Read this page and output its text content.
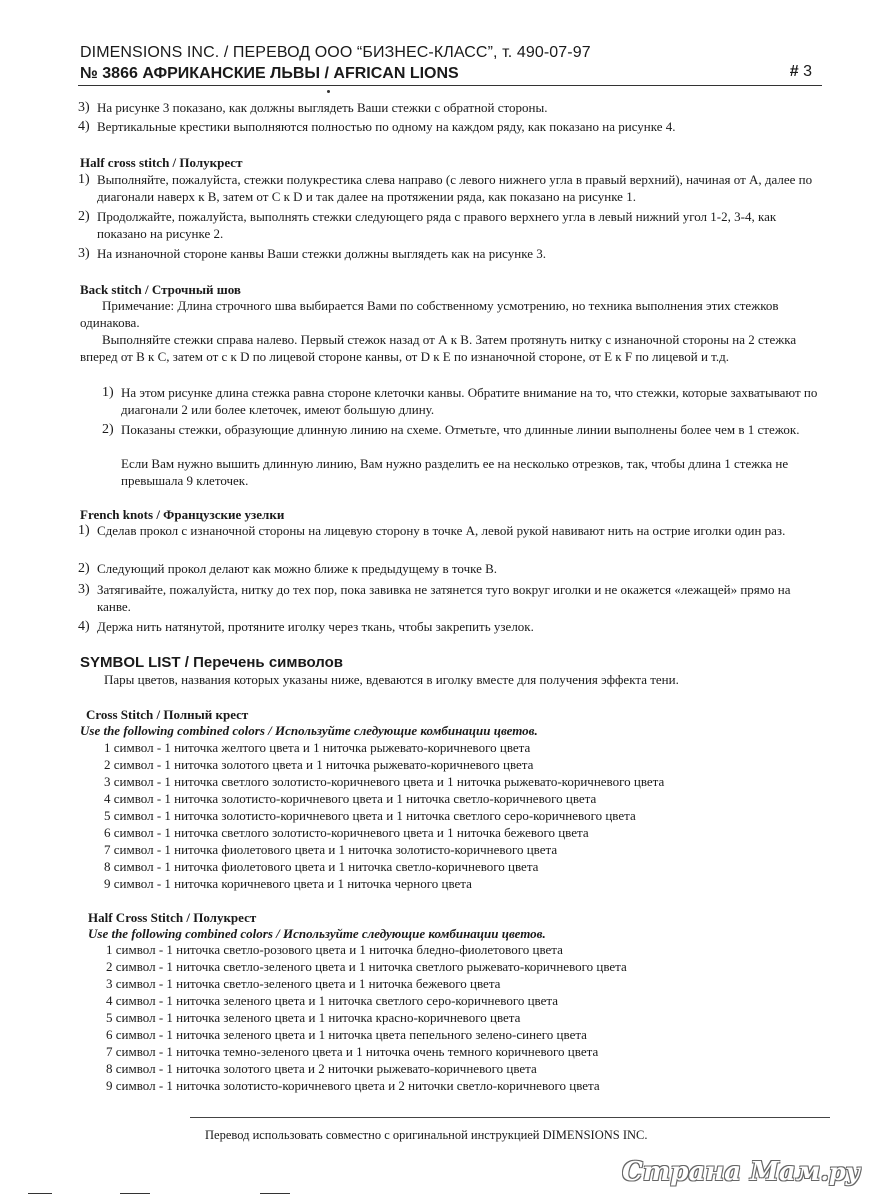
DIMENSIONS INC. / ПЕРЕВОД ООО “БИЗНЕС-КЛАСС”, т. 490-07-97
№ 3866 АФРИКАНСКИЕ ЛЬВЫ / AFRICAN LIONS	# 3
3) На рисунке 3 показано, как должны выглядеть Ваши стежки с обратной стороны.
4) Вертикальные крестики выполняются полностью по одному на каждом ряду, как показано на рисунке 4.
Half cross stitch / Полукрест
1) Выполняйте, пожалуйста, стежки полукрестика слева направо (с левого нижнего угла в правый верхний), начиная от А, далее по диагонали наверх к В, затем от С к D и так далее на протяжении ряда, как показано на рисунке 1.
2) Продолжайте, пожалуйста, выполнять стежки следующего ряда с правого верхнего угла в левый нижний угол 1-2, 3-4, как показано на рисунке 2.
3) На изнаночной стороне канвы Ваши стежки должны выглядеть как на рисунке 3.
Back stitch / Строчный шов
Примечание: Длина строчного шва выбирается Вами по собственному усмотрению, но техника выполнения этих стежков одинакова.
Выполняйте стежки справа налево. Первый стежок назад от А к В. Затем протянуть нитку с изнаночной стороны на 2 стежка вперед от В к С, затем от с к D по лицевой стороне канвы, от D к Е по изнаночной стороне, от Е к F по лицевой и т.д.
1) На этом рисунке длина стежка равна стороне клеточки канвы. Обратите внимание на то, что стежки, которые захватывают по диагонали 2 или более клеточек, имеют большую длину.
2) Показаны стежки, образующие длинную линию на схеме. Отметьте, что длинные линии выполнены более чем в 1 стежок.
Если Вам нужно вышить длинную линию, Вам нужно разделить ее на несколько отрезков, так, чтобы длина 1 стежка не превышала 9 клеточек.
French knots / Французские узелки
1) Сделав прокол с изнаночной стороны на лицевую сторону в точке А, левой рукой навивают нить на острие иголки один раз.
2) Следующий прокол делают как можно ближе к предыдущему в точке В.
3) Затягивайте, пожалуйста, нитку до тех пор, пока завивка не затянется туго вокруг иголки и не окажется «лежащей» прямо на канве.
4) Держа нить натянутой, протяните иголку через ткань, чтобы закрепить узелок.
SYMBOL LIST / Перечень символов
Пары цветов, названия которых указаны ниже, вдеваются в иголку вместе для получения эффекта тени.
Cross Stitch / Полный крест
Use the following combined colors / Используйте следующие комбинации цветов.
1 символ - 1 ниточка желтого цвета и 1 ниточка рыжевато-коричневого цвета
2 символ - 1 ниточка золотого цвета и 1 ниточка рыжевато-коричневого цвета
3 символ - 1 ниточка светлого золотисто-коричневого цвета и 1 ниточка рыжевато-коричневого цвета
4 символ - 1 ниточка золотисто-коричневого цвета и 1 ниточка светло-коричневого цвета
5 символ - 1 ниточка золотисто-коричневого цвета и 1 ниточка светлого серо-коричневого цвета
6 символ - 1 ниточка светлого золотисто-коричневого цвета и 1 ниточка бежевого цвета
7 символ - 1 ниточка фиолетового цвета и 1 ниточка золотисто-коричневого цвета
8 символ - 1 ниточка фиолетового цвета и 1 ниточка светло-коричневого цвета
9 символ - 1 ниточка коричневого цвета и 1 ниточка черного цвета
Half Cross Stitch / Полукрест
Use the following combined colors / Используйте следующие комбинации цветов.
1 символ - 1 ниточка светло-розового цвета и 1 ниточка бледно-фиолетового цвета
2 символ - 1 ниточка светло-зеленого цвета и 1 ниточка светлого рыжевато-коричневого цвета
3 символ - 1 ниточка светло-зеленого цвета и 1 ниточка бежевого цвета
4 символ - 1 ниточка зеленого цвета и 1 ниточка светлого серо-коричневого цвета
5 символ - 1 ниточка зеленого цвета и 1 ниточка красно-коричневого цвета
6 символ - 1 ниточка зеленого цвета и 1 ниточка цвета пепельного зелено-синего цвета
7 символ - 1 ниточка темно-зеленого цвета и 1 ниточка очень темного коричневого цвета
8 символ - 1 ниточка золотого цвета и 2 ниточки рыжевато-коричневого цвета
9 символ - 1 ниточка золотисто-коричневого цвета и 2 ниточки светло-коричневого цвета
Перевод использовать совместно с оригинальной инструкцией DIMENSIONS INC.
Страна Мам.ру
